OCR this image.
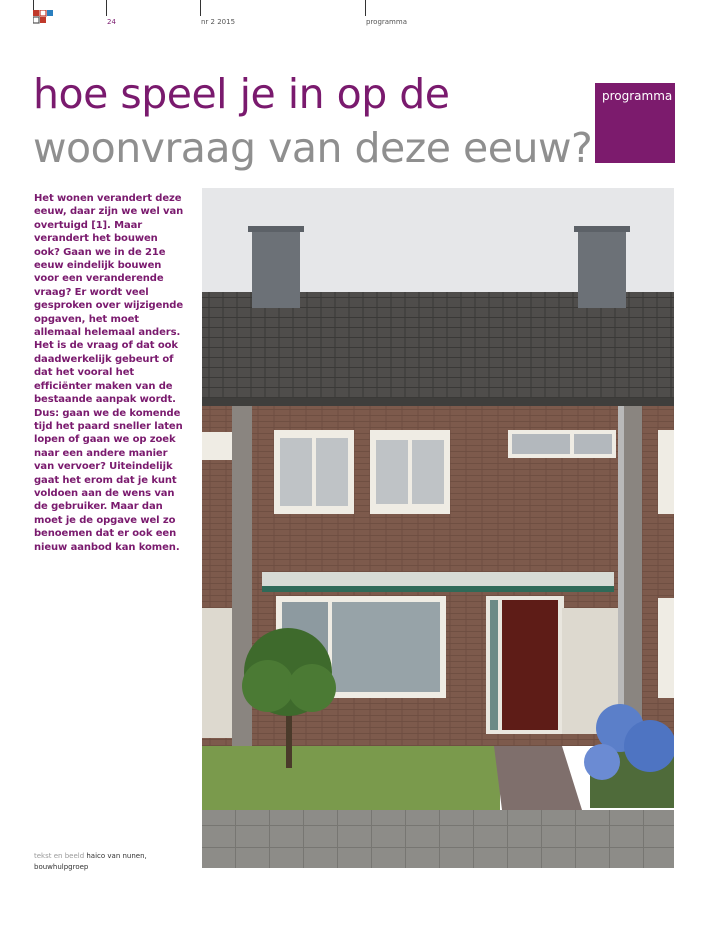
24	nr 2 2015	programma
hoe speel je in op de
woonvraag van deze eeuw?
programma

Het wonen verandert deze eeuw, daar zijn we wel van overtuigd [1]. Maar verandert het bouwen ook? Gaan we in de 21e eeuw eindelijk bouwen voor een veranderende vraag? Er wordt veel gesproken over wijzigende opgaven, het moet allemaal helemaal anders. Het is de vraag of dat ook daadwerkelijk gebeurt of dat het vooral het efficiënter maken van de bestaande aanpak wordt. Dus: gaan we de komende tijd het paard sneller laten lopen of gaan we op zoek naar een andere manier van vervoer? Uiteindelijk gaat het erom dat je kunt voldoen aan de wens van de gebruiker. Maar dan moet je de opgave wel zo benoemen dat er ook een nieuw aanbod kan komen.

tekst en beeld haico van nunen,
bouwhulpgroep
